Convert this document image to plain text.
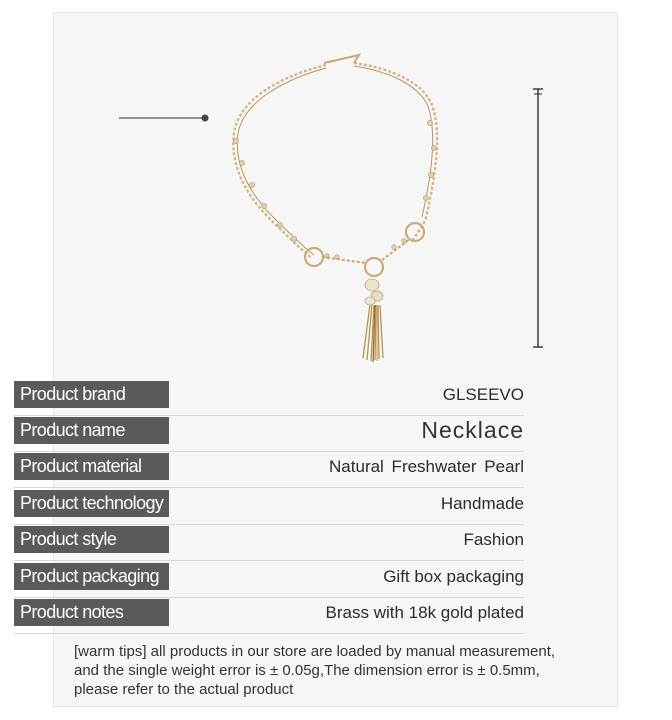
Product brand	GLSEEVO
Product name	Necklace
Product material	Natural Freshwater Pearl
Product technology	Handmade
Product style	Fashion
Product packaging	Gift box packaging
Product notes	Brass with 18k gold plated
[warm tips] all products in our store are loaded by manual measurement,
and the single weight error is ± 0.05g,The dimension error is ± 0.5mm,
please refer to the actual product
